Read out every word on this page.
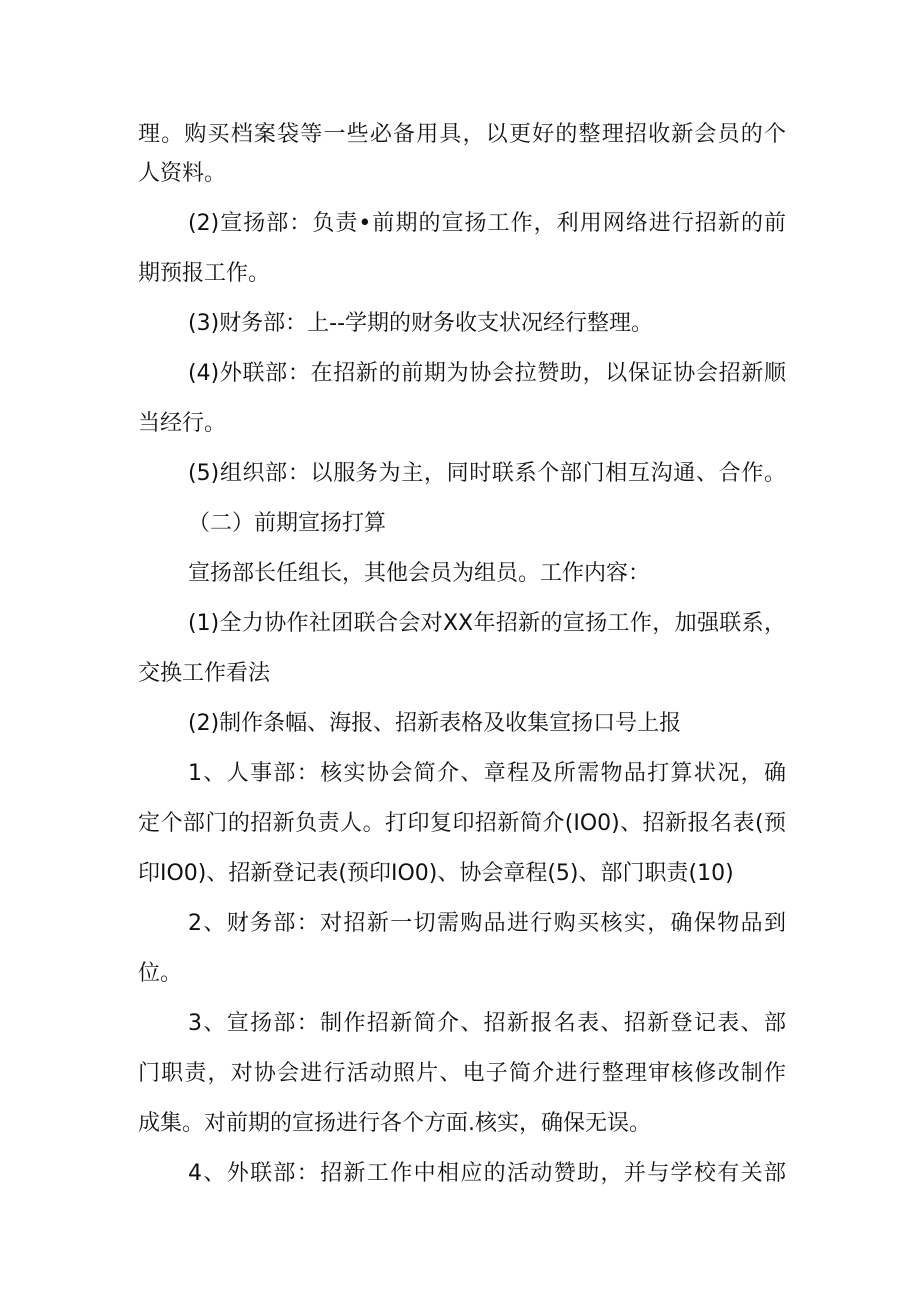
理。购买档案袋等一些必备用具，以更好的整理招收新会员的个

人资料。

(2)宣扬部：负责•前期的宣扬工作，利用网络进行招新的前

期预报工作。

(3)财务部：上--学期的财务收支状况经行整理。

(4)外联部：在招新的前期为协会拉赞助，以保证协会招新顺

当经行。

(5)组织部：以服务为主，同时联系个部门相互沟通、合作。

（二）前期宣扬打算

宣扬部长任组长，其他会员为组员。工作内容：

(1)全力协作社团联合会对XX年招新的宣扬工作，加强联系，

交换工作看法

(2)制作条幅、海报、招新表格及收集宣扬口号上报

1、人事部：核实协会简介、章程及所需物品打算状况，确

定个部门的招新负责人。打印复印招新简介(IO0)、招新报名表(预

印IO0)、招新登记表(预印IO0)、协会章程(5)、部门职责(10)

2、财务部：对招新一切需购品进行购买核实，确保物品到

位。

3、宣扬部：制作招新简介、招新报名表、招新登记表、部

门职责，对协会进行活动照片、电子简介进行整理审核修改制作

成集。对前期的宣扬进行各个方面.核实，确保无误。

4、外联部：招新工作中相应的活动赞助，并与学校有关部
